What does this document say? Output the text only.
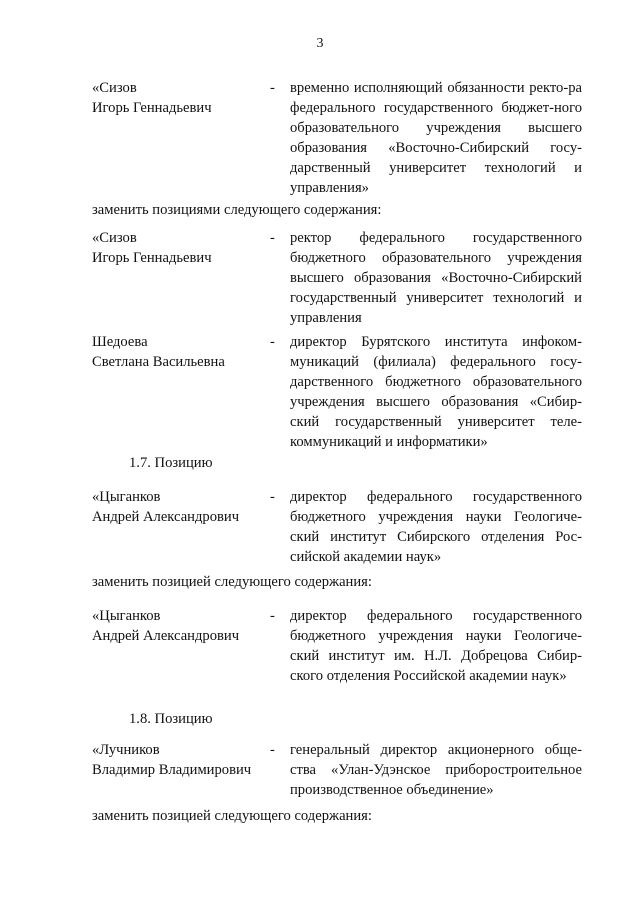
3
«Сизов
Игорь Геннадьевич
- временно исполняющий обязанности ректо-ра федерального государственного бюджет-ного образовательного учреждения высшего образования «Восточно-Сибирский госу-дарственный университет технологий и управления»
заменить позициями следующего содержания:
«Сизов
Игорь Геннадьевич
- ректор федерального государственного бюджетного образовательного учреждения высшего образования «Восточно-Сибирский государственный университет технологий и управления
Шедоева
Светлана Васильевна
- директор Бурятского института инфоком-муникаций (филиала) федерального госу-дарственного бюджетного образовательного учреждения высшего образования «Сибир-ский государственный университет теле-коммуникаций и информатики»
1.7. Позицию
«Цыганков
Андрей Александрович
- директор федерального государственного бюджетного учреждения науки Геологиче-ский институт Сибирского отделения Рос-сийской академии наук»
заменить позицией следующего содержания:
«Цыганков
Андрей Александрович
- директор федерального государственного бюджетного учреждения науки Геологиче-ский институт им. Н.Л. Добрецова Сибир-ского отделения Российской академии наук»
1.8. Позицию
«Лучников
Владимир Владимирович
- генеральный директор акционерного обще-ства «Улан-Удэнское приборостроительное производственное объединение»
заменить позицией следующего содержания:
